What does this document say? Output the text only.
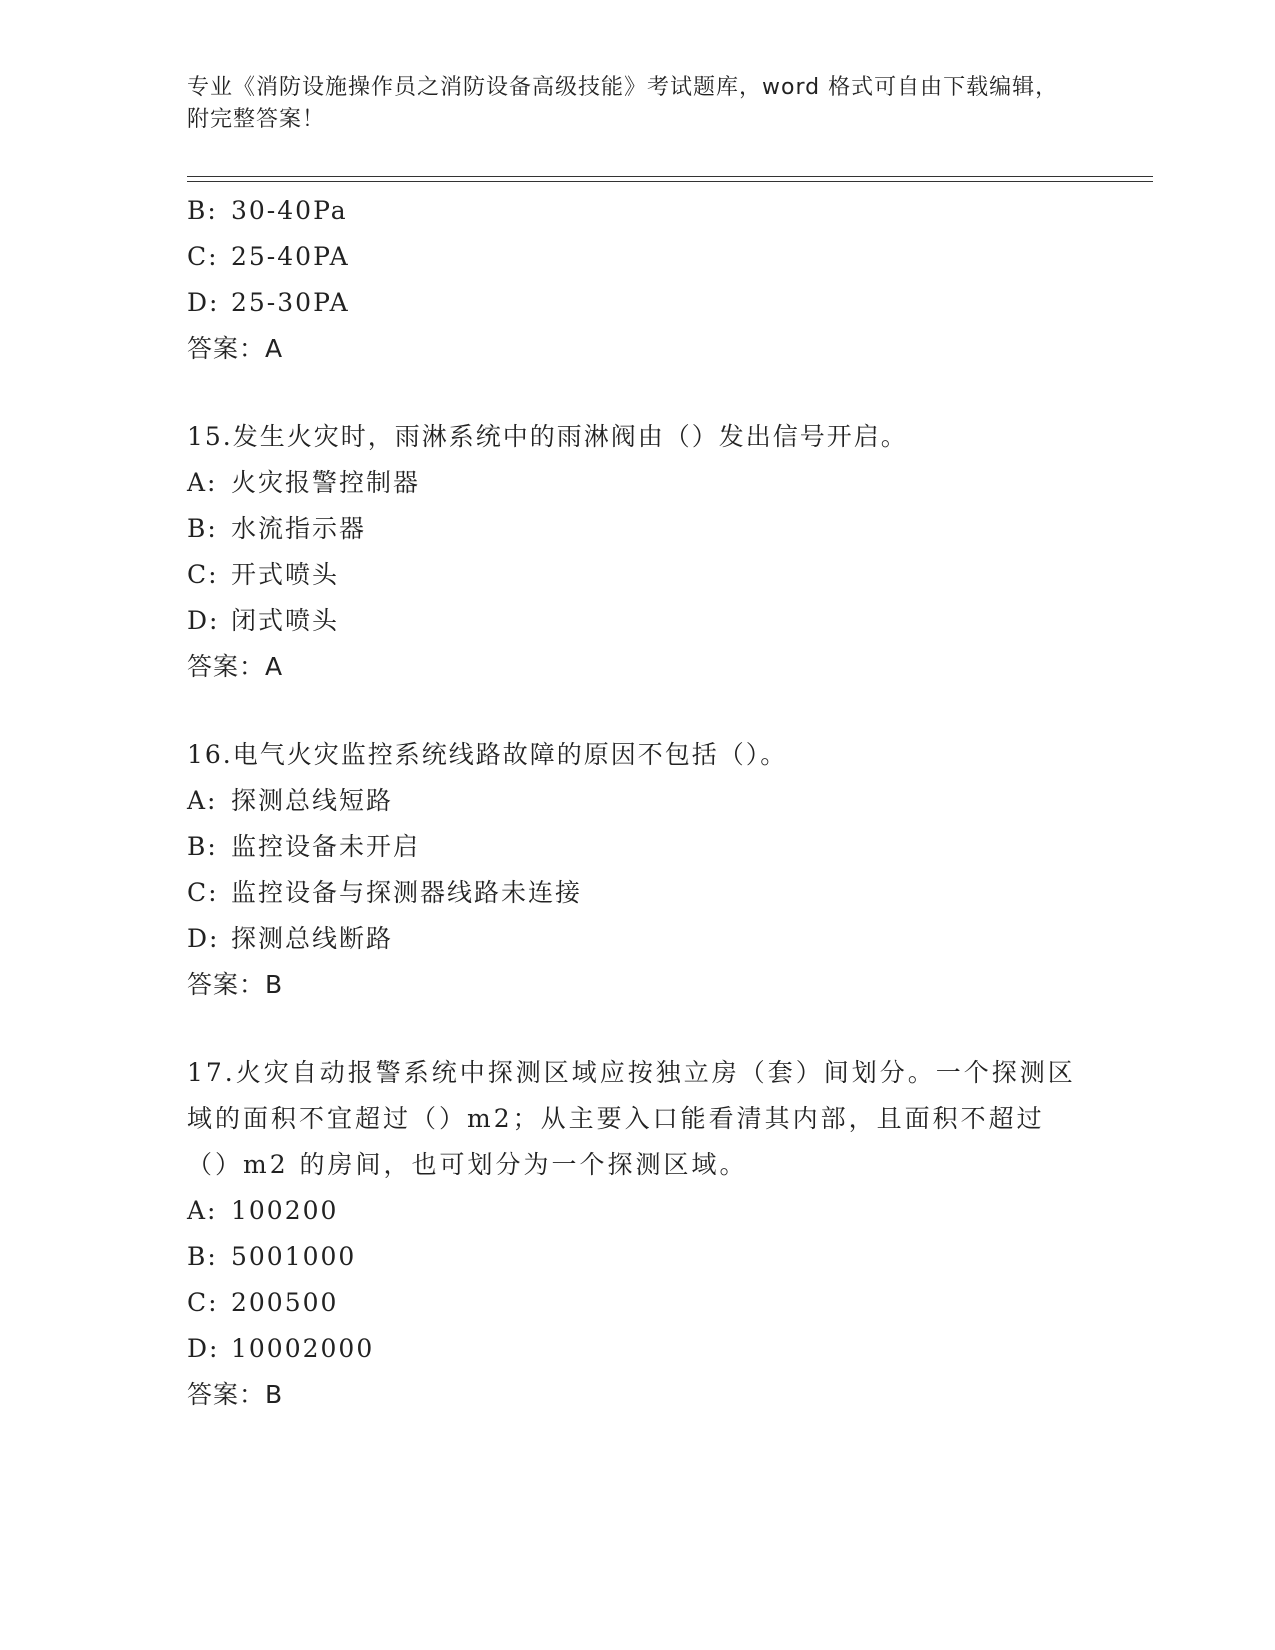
专业《消防设施操作员之消防设备高级技能》考试题库，word 格式可自由下载编辑，附完整答案！
B: 30-40Pa
C: 25-40PA
D: 25-30PA
答案：A
15.发生火灾时，雨淋系统中的雨淋阀由（）发出信号开启。
A: 火灾报警控制器
B: 水流指示器
C: 开式喷头
D: 闭式喷头
答案：A
16.电气火灾监控系统线路故障的原因不包括（）。
A: 探测总线短路
B: 监控设备未开启
C: 监控设备与探测器线路未连接
D: 探测总线断路
答案：B
17.火灾自动报警系统中探测区域应按独立房（套）间划分。一个探测区域的面积不宜超过（）m2；从主要入口能看清其内部，且面积不超过（）m2 的房间，也可划分为一个探测区域。
A: 100200
B: 5001000
C: 200500
D: 10002000
答案：B
